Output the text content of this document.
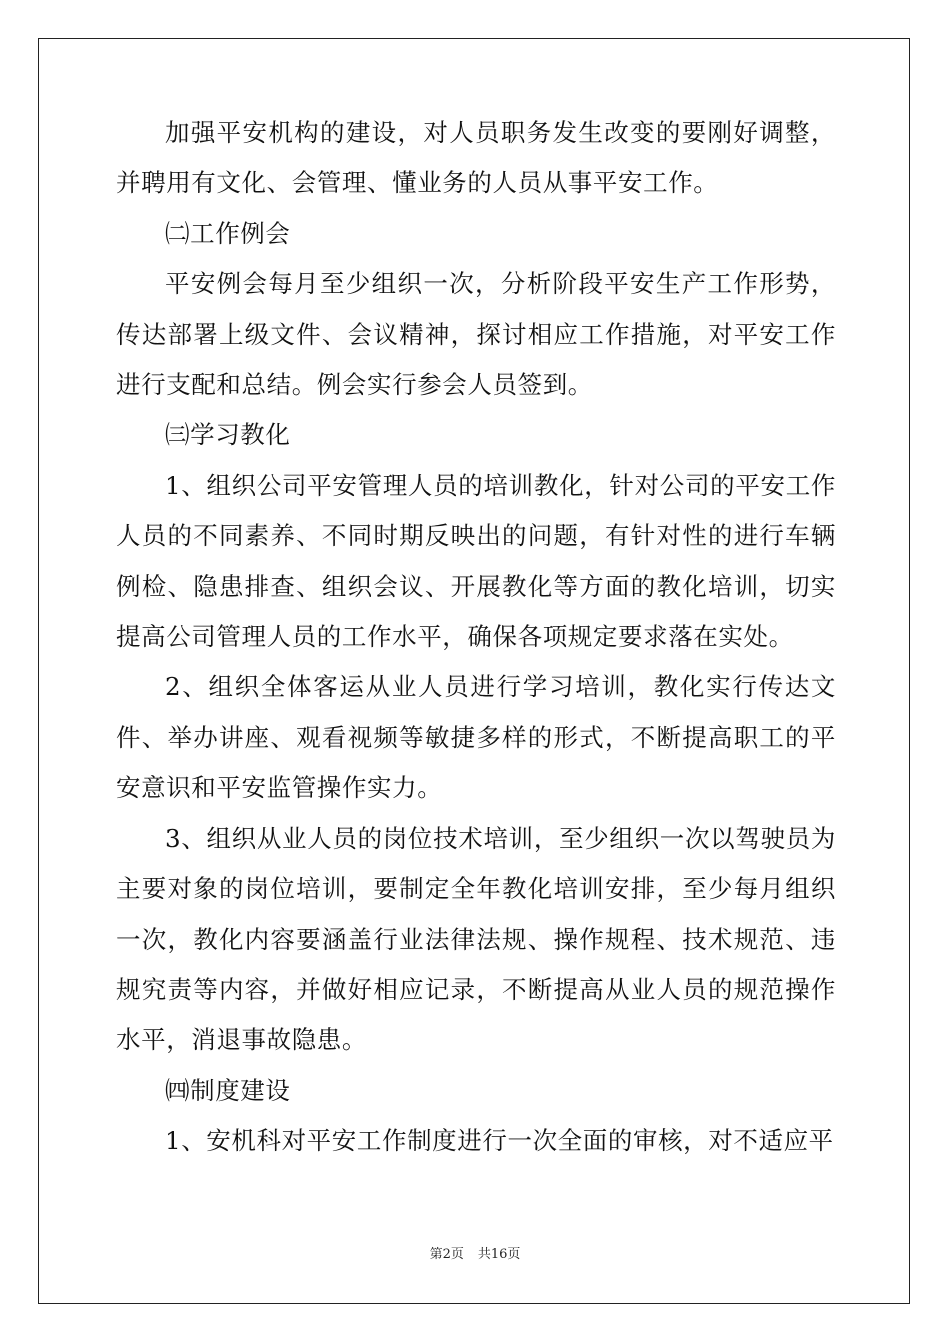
加强平安机构的建设，对人员职务发生改变的要刚好调整，并聘用有文化、会管理、懂业务的人员从事平安工作。

㈡工作例会

平安例会每月至少组织一次，分析阶段平安生产工作形势，传达部署上级文件、会议精神，探讨相应工作措施，对平安工作进行支配和总结。例会实行参会人员签到。

㈢学习教化

1、组织公司平安管理人员的培训教化，针对公司的平安工作人员的不同素养、不同时期反映出的问题，有针对性的进行车辆例检、隐患排查、组织会议、开展教化等方面的教化培训，切实提高公司管理人员的工作水平，确保各项规定要求落在实处。

2、组织全体客运从业人员进行学习培训，教化实行传达文件、举办讲座、观看视频等敏捷多样的形式，不断提高职工的平安意识和平安监管操作实力。

3、组织从业人员的岗位技术培训，至少组织一次以驾驶员为主要对象的岗位培训，要制定全年教化培训安排，至少每月组织一次，教化内容要涵盖行业法律法规、操作规程、技术规范、违规究责等内容，并做好相应记录，不断提高从业人员的规范操作水平，消退事故隐患。

㈣制度建设

1、安机科对平安工作制度进行一次全面的审核，对不适应平

第2页 共16页
